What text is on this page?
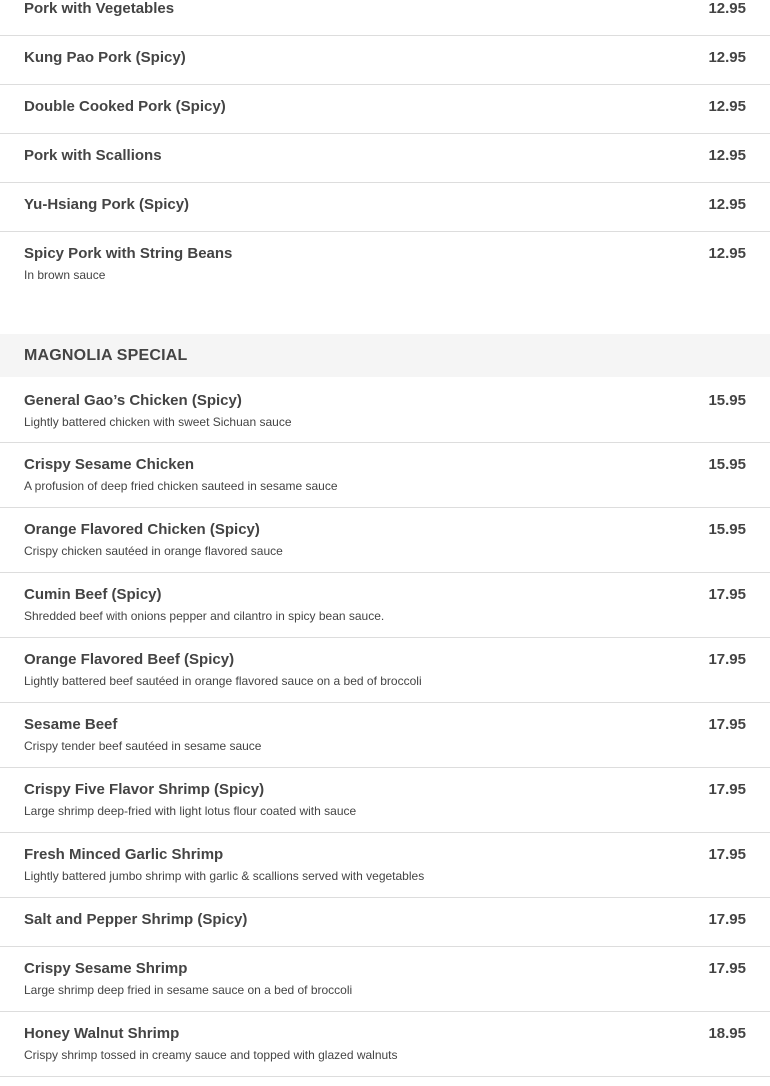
Pork with Vegetables	12.95
Kung Pao Pork (Spicy)	12.95
Double Cooked Pork (Spicy)	12.95
Pork with Scallions	12.95
Yu-Hsiang Pork (Spicy)	12.95
Spicy Pork with String Beans	12.95
In brown sauce
MAGNOLIA SPECIAL
General Gao’s Chicken (Spicy)	15.95
Lightly battered chicken with sweet Sichuan sauce
Crispy Sesame Chicken	15.95
A profusion of deep fried chicken sauteed in sesame sauce
Orange Flavored Chicken (Spicy)	15.95
Crispy chicken sautéed in orange flavored sauce
Cumin Beef (Spicy)	17.95
Shredded beef with onions pepper and cilantro in spicy bean sauce.
Orange Flavored Beef (Spicy)	17.95
Lightly battered beef sautéed in orange flavored sauce on a bed of broccoli
Sesame Beef	17.95
Crispy tender beef sautéed in sesame sauce
Crispy Five Flavor Shrimp (Spicy)	17.95
Large shrimp deep-fried with light lotus flour coated with sauce
Fresh Minced Garlic Shrimp	17.95
Lightly battered jumbo shrimp with garlic & scallions served with vegetables
Salt and Pepper Shrimp (Spicy)	17.95
Crispy Sesame Shrimp	17.95
Large shrimp deep fried in sesame sauce on a bed of broccoli
Honey Walnut Shrimp	18.95
Crispy shrimp tossed in creamy sauce and topped with glazed walnuts
